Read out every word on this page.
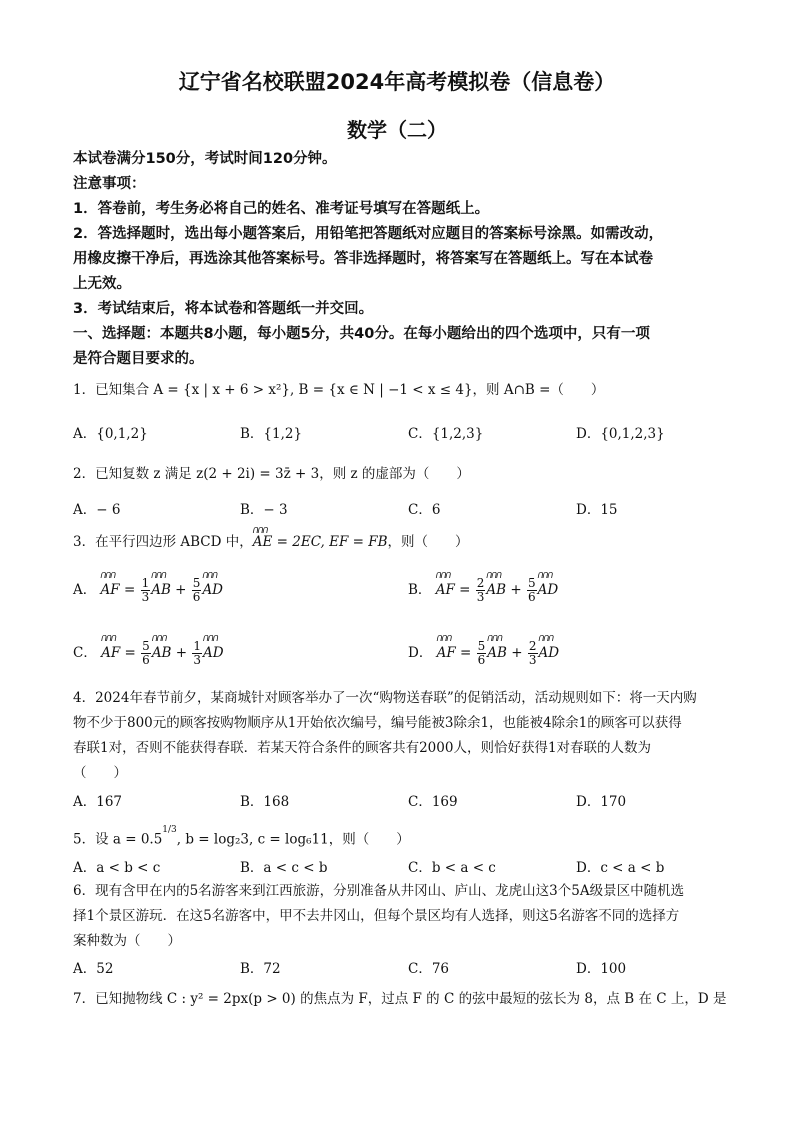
辽宁省名校联盟2024年高考模拟卷（信息卷）
数学（二）
本试卷满分150分，考试时间120分钟。
注意事项：
1．答卷前，考生务必将自己的姓名、准考证号填写在答题纸上。
2．答选择题时，选出每小题答案后，用铅笔把答题纸对应题目的答案标号涂黑。如需改动，
用橡皮擦干净后，再选涂其他答案标号。答非选择题时，将答案写在答题纸上。写在本试卷
上无效。
3．考试结束后，将本试卷和答题纸一并交回。
一、选择题：本题共8小题，每小题5分，共40分。在每小题给出的四个选项中，只有一项
是符合题目要求的。
1．已知集合 A = {x | x + 6 > x²}, B = {x ∈ N | −1 < x ≤ 4}，则 A∩B =（　　）
A．{0,1,2}	B．{1,2}	C．{1,2,3}	D．{0,1,2,3}
2．已知复数 z 满足 z(2 + 2i) = 3z̄ + 3，则 z 的虚部为（　　）
A．− 6	B．− 3	C．6	D．15
3．在平行四边形 ABCD 中，ꓵꓵꓵ AE = 2EC, EF = FB，则（　　）
A． ꓵꓵꓵ AF = $\frac{1}{3}$ ꓵꓵꓵ AB + $\frac{5}{6}$ ꓵꓵꓵ AD	B． ꓵꓵꓵ AF = $\frac{2}{3}$ ꓵꓵꓵ AB + $\frac{5}{6}$ ꓵꓵꓵ AD
C． ꓵꓵꓵ AF = $\frac{5}{6}$ ꓵꓵꓵ AB + $\frac{1}{3}$ ꓵꓵꓵ AD	D． ꓵꓵꓵ AF = $\frac{5}{6}$ ꓵꓵꓵ AB + $\frac{2}{3}$ ꓵꓵꓵ AD
4．2024年春节前夕，某商城针对顾客举办了一次“购物送春联”的促销活动，活动规则如下：将一天内购
物不少于800元的顾客按购物顺序从1开始依次编号，编号能被3除余1，也能被4除余1的顾客可以获得
春联1对，否则不能获得春联．若某天符合条件的顾客共有2000人，则恰好获得1对春联的人数为
（　　）
A．167	B．168	C．169	D．170
5．设 $a = 0.5^{1/3}$, b = log₂3, c = log₆11，则（　　）
A．a < b < c	B．a < c < b	C．b < a < c	D．c < a < b
6．现有含甲在内的5名游客来到江西旅游，分别准备从井冈山、庐山、龙虎山这3个5A级景区中随机选
择1个景区游玩．在这5名游客中，甲不去井冈山，但每个景区均有人选择，则这5名游客不同的选择方
案种数为（　　）
A．52	B．72	C．76	D．100
7．已知抛物线 C : y² = 2px(p > 0) 的焦点为 F，过点 F 的 C 的弦中最短的弦长为 8，点 B 在 C 上，D 是
